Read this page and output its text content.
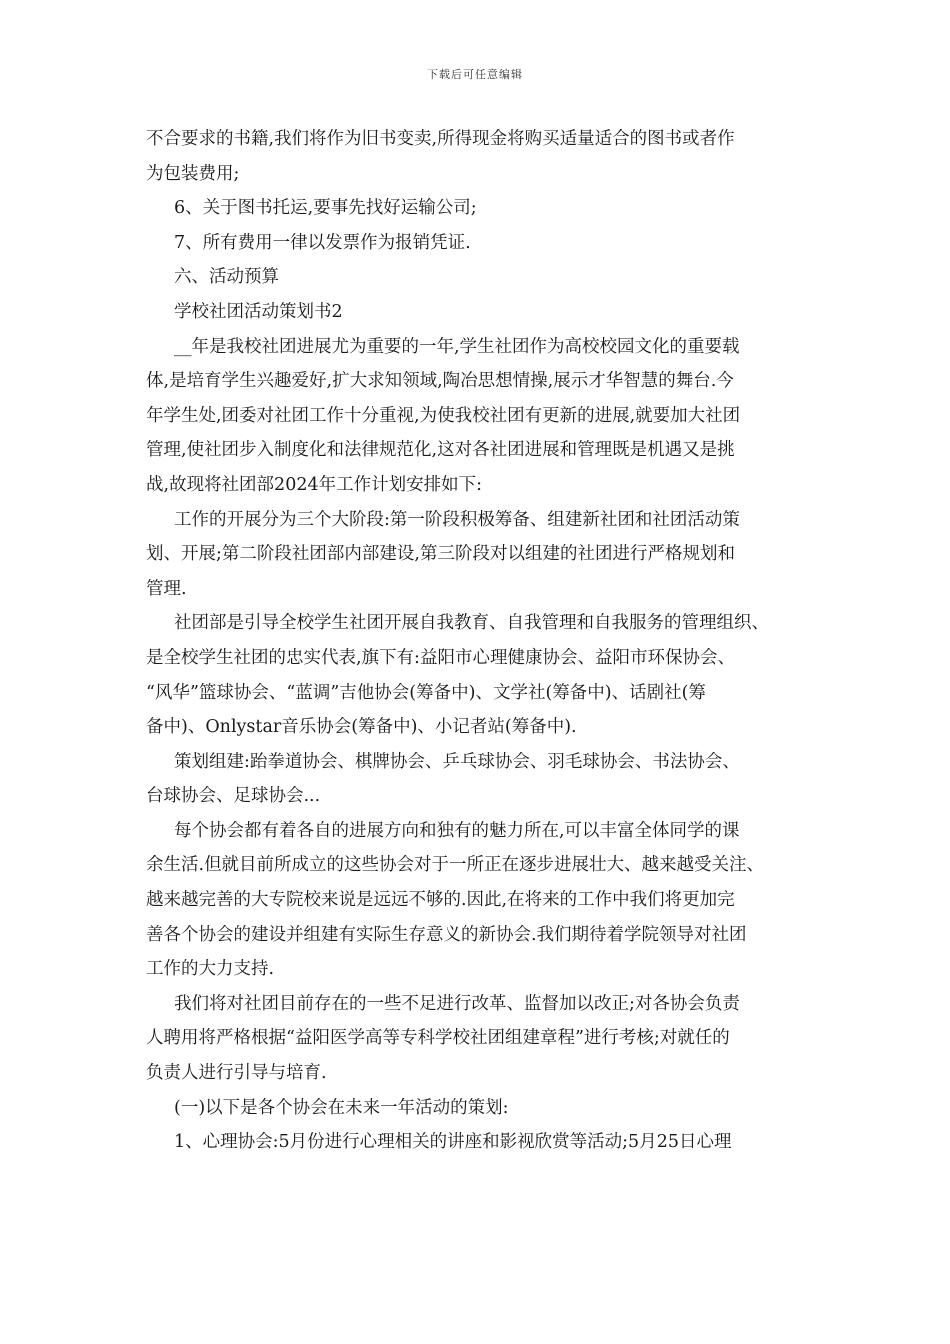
下载后可任意编辑
不合要求的书籍,我们将作为旧书变卖,所得现金将购买适量适合的图书或者作
为包装费用;
6、关于图书托运,要事先找好运输公司;
7、所有费用一律以发票作为报销凭证.
六、活动预算
学校社团活动策划书2
__年是我校社团进展尤为重要的一年,学生社团作为高校校园文化的重要载
体,是培育学生兴趣爱好,扩大求知领域,陶冶思想情操,展示才华智慧的舞台.今
年学生处,团委对社团工作十分重视,为使我校社团有更新的进展,就要加大社团
管理,使社团步入制度化和法律规范化,这对各社团进展和管理既是机遇又是挑
战,故现将社团部2024年工作计划安排如下:
工作的开展分为三个大阶段:第一阶段积极筹备、组建新社团和社团活动策
划、开展;第二阶段社团部内部建设,第三阶段对以组建的社团进行严格规划和
管理.
社团部是引导全校学生社团开展自我教育、自我管理和自我服务的管理组织、
是全校学生社团的忠实代表,旗下有:益阳市心理健康协会、益阳市环保协会、
“风华”篮球协会、“蓝调”吉他协会(筹备中)、文学社(筹备中)、话剧社(筹
备中)、Onlystar音乐协会(筹备中)、小记者站(筹备中).
策划组建:跆拳道协会、棋牌协会、乒乓球协会、羽毛球协会、书法协会、
台球协会、足球协会...
每个协会都有着各自的进展方向和独有的魅力所在,可以丰富全体同学的课
余生活.但就目前所成立的这些协会对于一所正在逐步进展壮大、越来越受关注、
越来越完善的大专院校来说是远远不够的.因此,在将来的工作中我们将更加完
善各个协会的建设并组建有实际生存意义的新协会.我们期待着学院领导对社团
工作的大力支持.
我们将对社团目前存在的一些不足进行改革、监督加以改正;对各协会负责
人聘用将严格根据“益阳医学高等专科学校社团组建章程”进行考核;对就任的
负责人进行引导与培育.
(一)以下是各个协会在未来一年活动的策划:
1、心理协会:5月份进行心理相关的讲座和影视欣赏等活动;5月25日心理
